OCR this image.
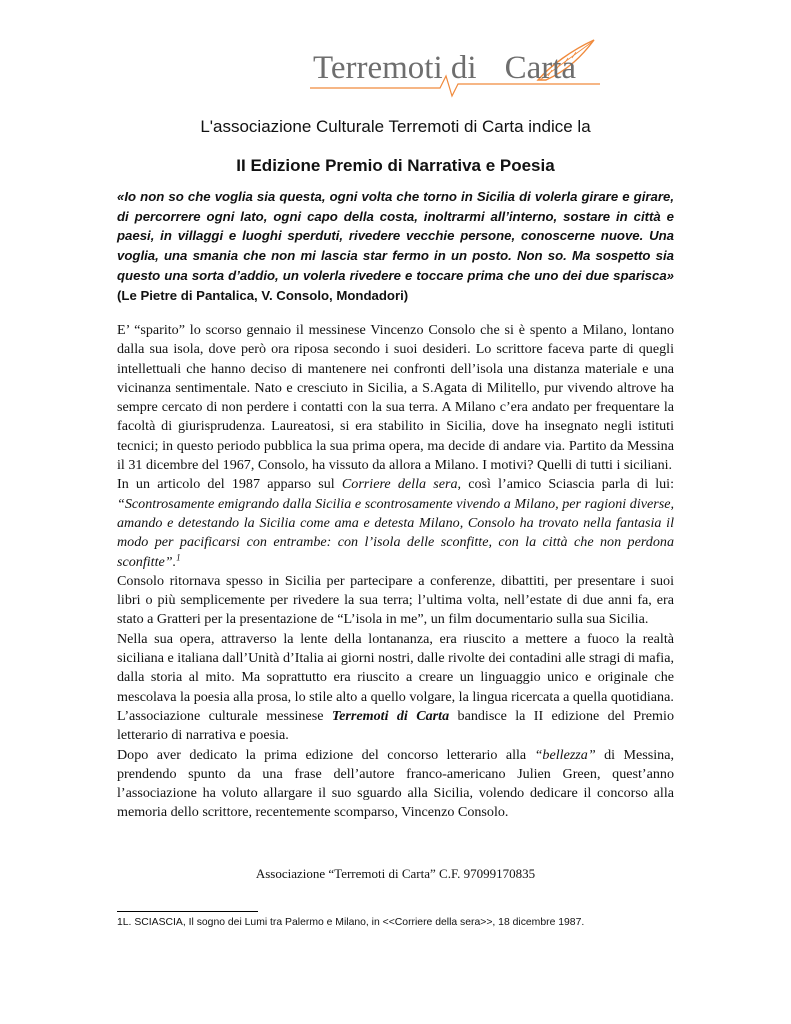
Terremoti di Carta
L'associazione Culturale Terremoti di Carta indice la
II Edizione Premio di Narrativa e Poesia
«Io non so che voglia sia questa, ogni volta che torno in Sicilia di volerla girare e girare, di percorrere ogni lato, ogni capo della costa, inoltrarmi all’interno, sostare in città e paesi, in villaggi e luoghi sperduti, rivedere vecchie persone, conoscerne nuove. Una voglia, una smania che non mi lascia star fermo in un posto. Non so. Ma sospetto sia questo una sorta d’addio, un volerla rivedere e toccare prima che uno dei due sparisca» (Le Pietre di Pantalica, V. Consolo, Mondadori)

E’ “sparito” lo scorso gennaio il messinese Vincenzo Consolo che si è spento a Milano, lontano dalla sua isola, dove però ora riposa secondo i suoi desideri. Lo scrittore faceva parte di quegli intellettuali che hanno deciso di mantenere nei confronti dell’isola una distanza materiale e una vicinanza sentimentale. Nato e cresciuto in Sicilia, a S.Agata di Militello, pur vivendo altrove ha sempre cercato di non perdere i contatti con la sua terra. A Milano c’era andato per frequentare la facoltà di giurisprudenza. Laureatosi, si era stabilito in Sicilia, dove ha insegnato negli istituti tecnici; in questo periodo pubblica la sua prima opera, ma decide di andare via. Partito da Messina il 31 dicembre del 1967, Consolo, ha vissuto da allora a Milano. I motivi? Quelli di tutti i siciliani.

In un articolo del 1987 apparso sul Corriere della sera, così l’amico Sciascia parla di lui: “Scontrosamente emigrando dalla Sicilia e scontrosamente vivendo a Milano, per ragioni diverse, amando e detestando la Sicilia come ama e detesta Milano, Consolo ha trovato nella fantasia il modo per pacificarsi con entrambe: con l’isola delle sconfitte, con la città che non perdona sconfitte”.$^1$

Consolo ritornava spesso in Sicilia per partecipare a conferenze, dibattiti, per presentare i suoi libri o più semplicemente per rivedere la sua terra; l’ultima volta, nell’estate di due anni fa, era stato a Gratteri per la presentazione de “L’isola in me”, un film documentario sulla sua Sicilia.

Nella sua opera, attraverso la lente della lontananza, era riuscito a mettere a fuoco la realtà siciliana e italiana dall’Unità d’Italia ai giorni nostri, dalle rivolte dei contadini alle stragi di mafia, dalla storia al mito. Ma soprattutto era riuscito a creare un linguaggio unico e originale che mescolava la poesia alla prosa, lo stile alto a quello volgare, la lingua ricercata a quella quotidiana.

L’associazione culturale messinese Terremoti di Carta bandisce la II edizione del Premio letterario di narrativa e poesia.

Dopo aver dedicato la prima edizione del concorso letterario alla “bellezza” di Messina, prendendo spunto da una frase dell’autore franco-americano Julien Green, quest’anno l’associazione ha voluto allargare il suo sguardo alla Sicilia, volendo dedicare il concorso alla memoria dello scrittore, recentemente scomparso, Vincenzo Consolo.

Associazione “Terremoti di Carta” C.F. 97099170835
1L. SCIASCIA, Il sogno dei Lumi tra Palermo e Milano, in <<Corriere della sera>>, 18 dicembre 1987.
